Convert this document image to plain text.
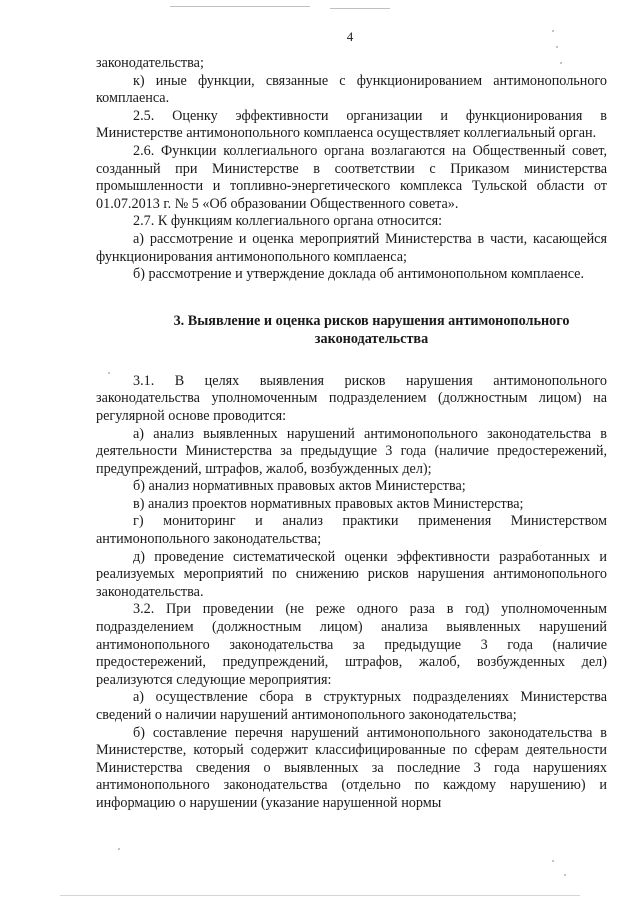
4

законодательства;

к) иные функции, связанные с функционированием антимонопольного комплаенса.

2.5. Оценку эффективности организации и функционирования в Министерстве антимонопольного комплаенса осуществляет коллегиальный орган.

2.6. Функции коллегиального органа возлагаются на Общественный совет, созданный при Министерстве в соответствии с Приказом министерства промышленности и топливно-энергетического комплекса Тульской области от 01.07.2013 г. № 5 «Об образовании Общественного совета».

2.7. К функциям коллегиального органа относится:

а) рассмотрение и оценка мероприятий Министерства в части, касающейся функционирования антимонопольного комплаенса;

б) рассмотрение и утверждение доклада об антимонопольном комплаенсе.

3. Выявление и оценка рисков нарушения антимонопольного
законодательства

3.1. В целях выявления рисков нарушения антимонопольного законодательства уполномоченным подразделением (должностным лицом) на регулярной основе проводится:

а) анализ выявленных нарушений антимонопольного законодательства в деятельности Министерства за предыдущие 3 года (наличие предостережений, предупреждений, штрафов, жалоб, возбужденных дел);

б) анализ нормативных правовых актов Министерства;

в) анализ проектов нормативных правовых актов Министерства;

г) мониторинг и анализ практики применения Министерством антимонопольного законодательства;

д) проведение систематической оценки эффективности разработанных и реализуемых мероприятий по снижению рисков нарушения антимонопольного законодательства.

3.2. При проведении (не реже одного раза в год) уполномоченным подразделением (должностным лицом) анализа выявленных нарушений антимонопольного законодательства за предыдущие 3 года (наличие предостережений, предупреждений, штрафов, жалоб, возбужденных дел) реализуются следующие мероприятия:

а) осуществление сбора в структурных подразделениях Министерства сведений о наличии нарушений антимонопольного законодательства;

б) составление перечня нарушений антимонопольного законодательства в Министерстве, который содержит классифицированные по сферам деятельности Министерства сведения о выявленных за последние 3 года нарушениях антимонопольного законодательства (отдельно по каждому нарушению) и информацию о нарушении (указание нарушенной нормы
